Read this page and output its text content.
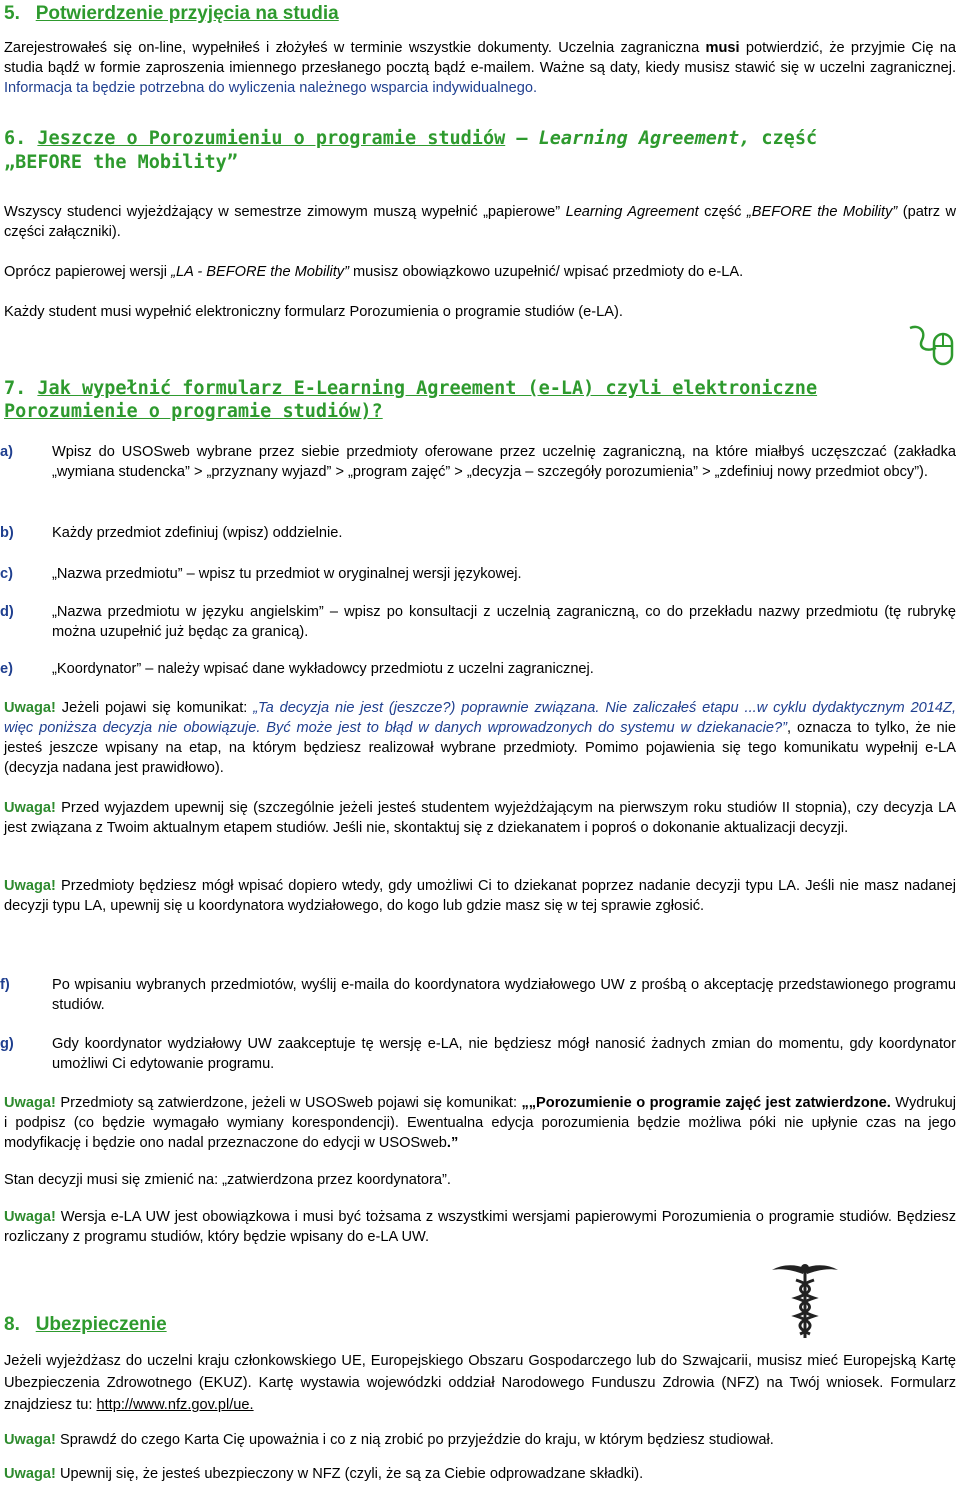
5. Potwierdzenie przyjęcia na studia

Zarejestrowałeś się on-line, wypełniłeś i złożyłeś w terminie wszystkie dokumenty. Uczelnia zagraniczna musi potwierdzić, że przyjmie Cię na studia bądź w formie zaproszenia imiennego przesłanego pocztą bądź e-mailem. Ważne są daty, kiedy musisz stawić się w uczelni zagranicznej. Informacja ta będzie potrzebna do wyliczenia należnego wsparcia indywidualnego.

6. Jeszcze o Porozumieniu o programie studiów – Learning Agreement, część
„BEFORE the Mobility”

Wszyscy studenci wyjeżdżający w semestrze zimowym muszą wypełnić „papierowe” Learning Agreement część „BEFORE the Mobility” (patrz w części załączniki).

Oprócz papierowej wersji „LA - BEFORE the Mobility” musisz obowiązkowo uzupełnić/ wpisać przedmioty do e-LA.

Każdy student musi wypełnić elektroniczny formularz Porozumienia o programie studiów (e-LA).

7. Jak wypełnić formularz E-Learning Agreement (e-LA) czyli elektroniczne Porozumienie o programie studiów)?
a)	Wpisz do USOSweb wybrane przez siebie przedmioty oferowane przez uczelnię zagraniczną, na które miałbyś uczęszczać (zakładka „wymiana studencka” > „przyznany wyjazd” > „program zajęć” > „decyzja – szczegóły porozumienia” > „zdefiniuj nowy przedmiot obcy”).
b)	Każdy przedmiot zdefiniuj (wpisz) oddzielnie.
c)	„Nazwa przedmiotu” – wpisz tu przedmiot w oryginalnej wersji językowej.
d)	„Nazwa przedmiotu w języku angielskim” – wpisz po konsultacji z uczelnią zagraniczną, co do przekładu nazwy przedmiotu (tę rubrykę można uzupełnić już będąc za granicą).
e)	„Koordynator” – należy wpisać dane wykładowcy przedmiotu z uczelni zagranicznej.

Uwaga! Jeżeli pojawi się komunikat: „Ta decyzja nie jest (jeszcze?) poprawnie związana. Nie zaliczałeś etapu ...w cyklu dydaktycznym 2014Z, więc poniższa decyzja nie obowiązuje. Być może jest to błąd w danych wprowadzonych do systemu w dziekanacie?”, oznacza to tylko, że nie jesteś jeszcze wpisany na etap, na którym będziesz realizował wybrane przedmioty. Pomimo pojawienia się tego komunikatu wypełnij e-LA (decyzja nadana jest prawidłowo).

Uwaga! Przed wyjazdem upewnij się (szczególnie jeżeli jesteś studentem wyjeżdżającym na pierwszym roku studiów II stopnia), czy decyzja LA jest związana z Twoim aktualnym etapem studiów. Jeśli nie, skontaktuj się z dziekanatem i poproś o dokonanie aktualizacji decyzji.

Uwaga! Przedmioty będziesz mógł wpisać dopiero wtedy, gdy umożliwi Ci to dziekanat poprzez nadanie decyzji typu LA. Jeśli nie masz nadanej decyzji typu LA, upewnij się u koordynatora wydziałowego, do kogo lub gdzie masz się w tej sprawie zgłosić.

f)	Po wpisaniu wybranych przedmiotów, wyślij e-maila do koordynatora wydziałowego UW z prośbą o akceptację przedstawionego programu studiów.
g)	Gdy koordynator wydziałowy UW zaakceptuje tę wersję e-LA, nie będziesz mógł nanosić żadnych zmian do momentu, gdy koordynator umożliwi Ci edytowanie programu.

Uwaga! Przedmioty są zatwierdzone, jeżeli w USOSweb pojawi się komunikat: „„Porozumienie o programie zajęć jest zatwierdzone. Wydrukuj i podpisz (co będzie wymagało wymiany korespondencji). Ewentualna edycja porozumienia będzie możliwa póki nie upłynie czas na jego modyfikację i będzie ono nadal przeznaczone do edycji w USOSweb.”

Stan decyzji musi się zmienić na: „zatwierdzona przez koordynatora”.

Uwaga! Wersja e-LA UW jest obowiązkowa i musi być tożsama z wszystkimi wersjami papierowymi Porozumienia o programie studiów. Będziesz rozliczany z programu studiów, który będzie wpisany do e-LA UW.

8. Ubezpieczenie

Jeżeli wyjeżdżasz do uczelni kraju członkowskiego UE, Europejskiego Obszaru Gospodarczego lub do Szwajcarii, musisz mieć Europejską Kartę Ubezpieczenia Zdrowotnego (EKUZ). Kartę wystawia wojewódzki oddział Narodowego Funduszu Zdrowia (NFZ) na Twój wniosek. Formularz znajdziesz tu: http://www.nfz.gov.pl/ue.

Uwaga! Sprawdź do czego Karta Cię upoważnia i co z nią zrobić po przyjeździe do kraju, w którym będziesz studiował.

Uwaga! Upewnij się, że jesteś ubezpieczony w NFZ (czyli, że są za Ciebie odprowadzane składki).
